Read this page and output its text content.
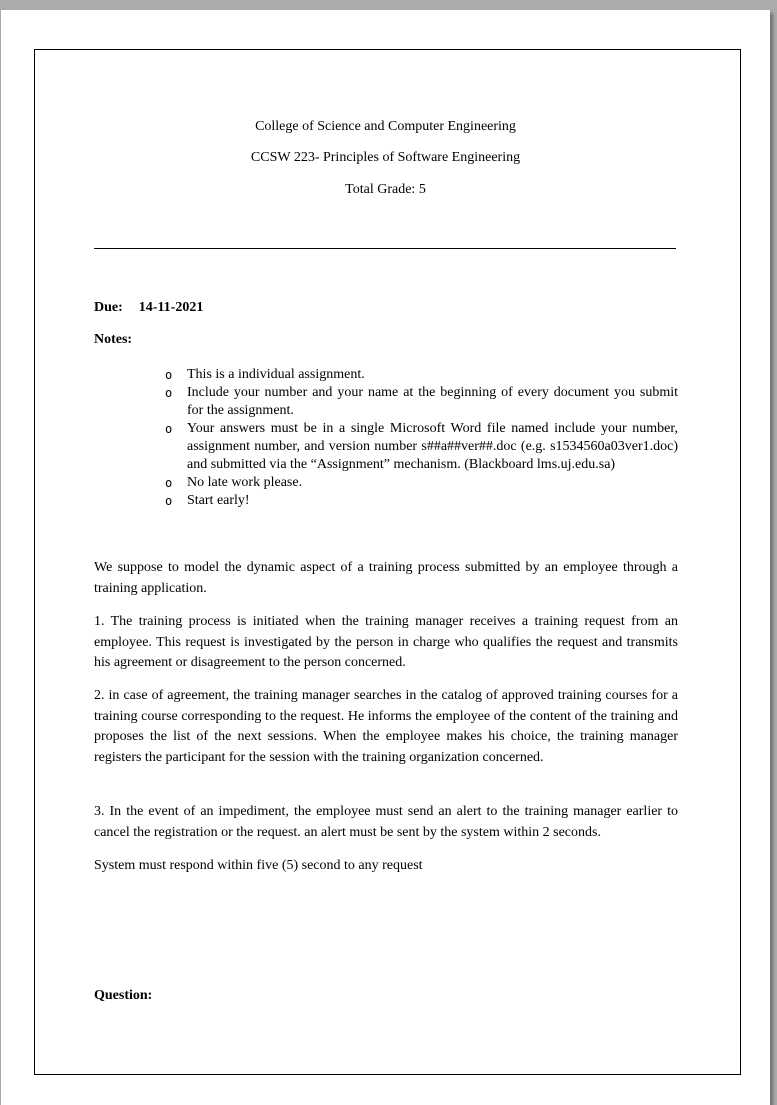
College of Science and Computer Engineering
CCSW 223- Principles of Software Engineering
Total Grade: 5
Due: 14-11-2021
Notes:
o This is a individual assignment.
o Include your number and your name at the beginning of every document you submit for the assignment.
o Your answers must be in a single Microsoft Word file named include your number, assignment number, and version number s##a##ver##.doc (e.g. s1534560a03ver1.doc) and submitted via the “Assignment” mechanism. (Blackboard lms.uj.edu.sa)
o No late work please.
o Start early!

We suppose to model the dynamic aspect of a training process submitted by an employee through a training application.

1. The training process is initiated when the training manager receives a training request from an employee. This request is investigated by the person in charge who qualifies the request and transmits his agreement or disagreement to the person concerned.

2. in case of agreement, the training manager searches in the catalog of approved training courses for a training course corresponding to the request. He informs the employee of the content of the training and proposes the list of the next sessions. When the employee makes his choice, the training manager registers the participant for the session with the training organization concerned.

3. In the event of an impediment, the employee must send an alert to the training manager earlier to cancel the registration or the request. an alert must be sent by the system within 2 seconds.

System must respond within five (5) second to any request

Question:
